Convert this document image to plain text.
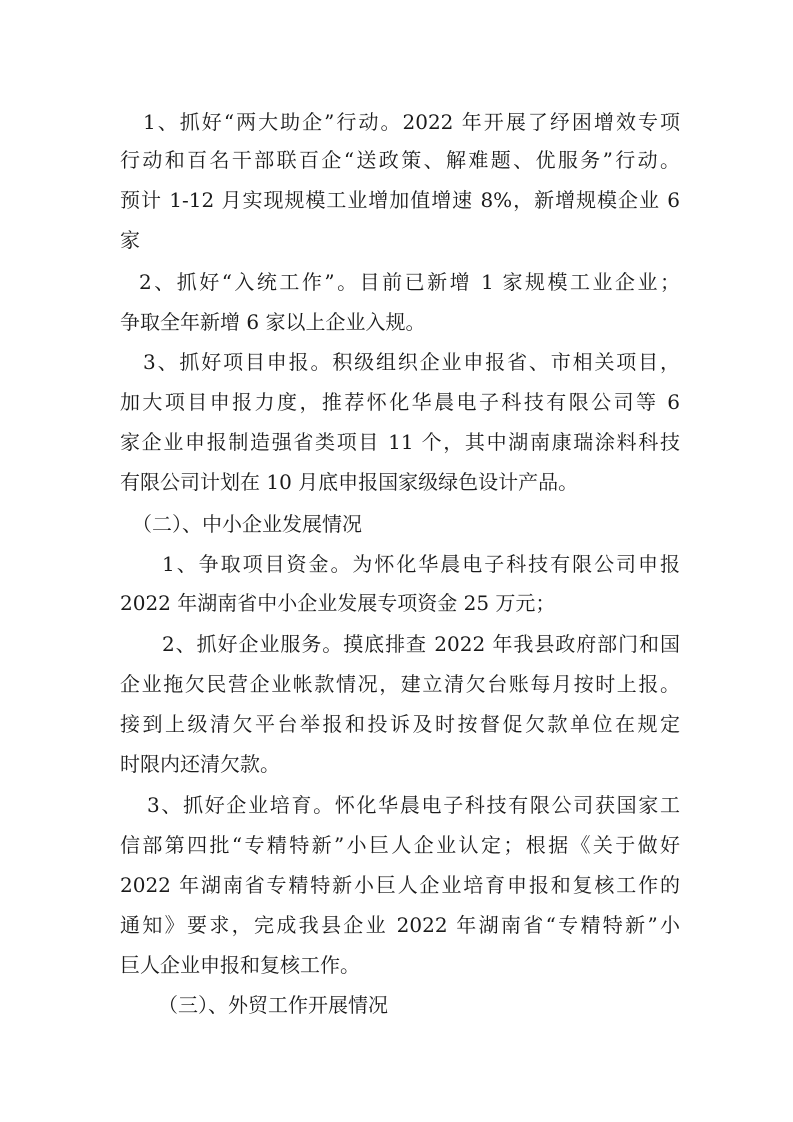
1、抓好“两大助企”行动。2022 年开展了纾困增效专项
行动和百名干部联百企“送政策、解难题、优服务”行动。
预计 1-12 月实现规模工业增加值增速 8%，新增规模企业 6
家
2、抓好“入统工作”。目前已新增 1 家规模工业企业；
争取全年新增 6 家以上企业入规。
3、抓好项目申报。积级组织企业申报省、市相关项目，
加大项目申报力度，推荐怀化华晨电子科技有限公司等 6
家企业申报制造强省类项目 11 个，其中湖南康瑞涂料科技
有限公司计划在 10 月底申报国家级绿色设计产品。
（二）、中小企业发展情况
1、争取项目资金。为怀化华晨电子科技有限公司申报
2022 年湖南省中小企业发展专项资金 25 万元；
2、抓好企业服务。摸底排查 2022 年我县政府部门和国
企业拖欠民营企业帐款情况，建立清欠台账每月按时上报。
接到上级清欠平台举报和投诉及时按督促欠款单位在规定
时限内还清欠款。
3、抓好企业培育。怀化华晨电子科技有限公司获国家工
信部第四批“专精特新”小巨人企业认定；根据《关于做好
2022 年湖南省专精特新小巨人企业培育申报和复核工作的
通知》要求，完成我县企业 2022 年湖南省“专精特新”小
巨人企业申报和复核工作。
（三）、外贸工作开展情况
